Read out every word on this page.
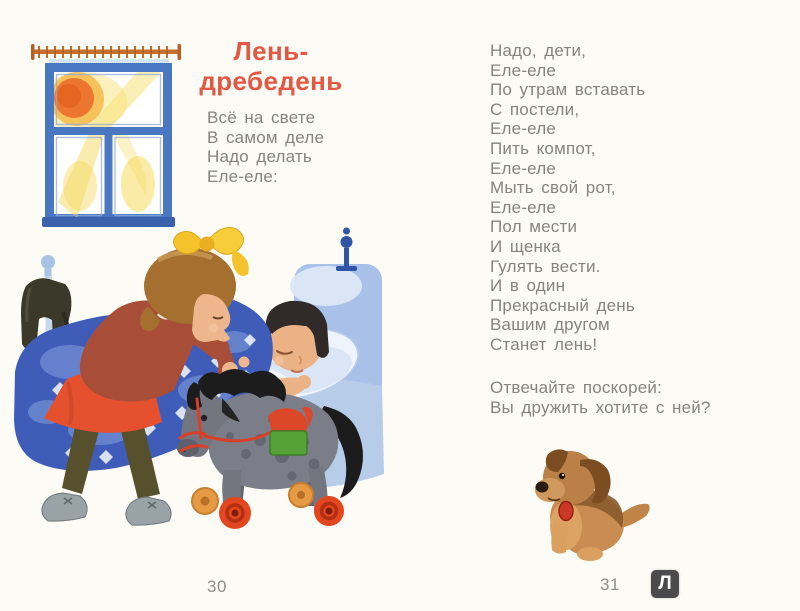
Лень-
дребедень
Всё на свете
В самом деле
Надо делать
Еле-еле:
30
Надо, дети,
Еле-еле
По утрам вставать
С постели,
Еле-еле
Пить компот,
Еле-еле
Мыть свой рот,
Еле-еле
Пол мести
И щенка
Гулять вести.
И в один
Прекрасный день
Вашим другом
Станет лень!
Отвечайте поскорей:
Вы дружить хотите с ней?
31	Л
